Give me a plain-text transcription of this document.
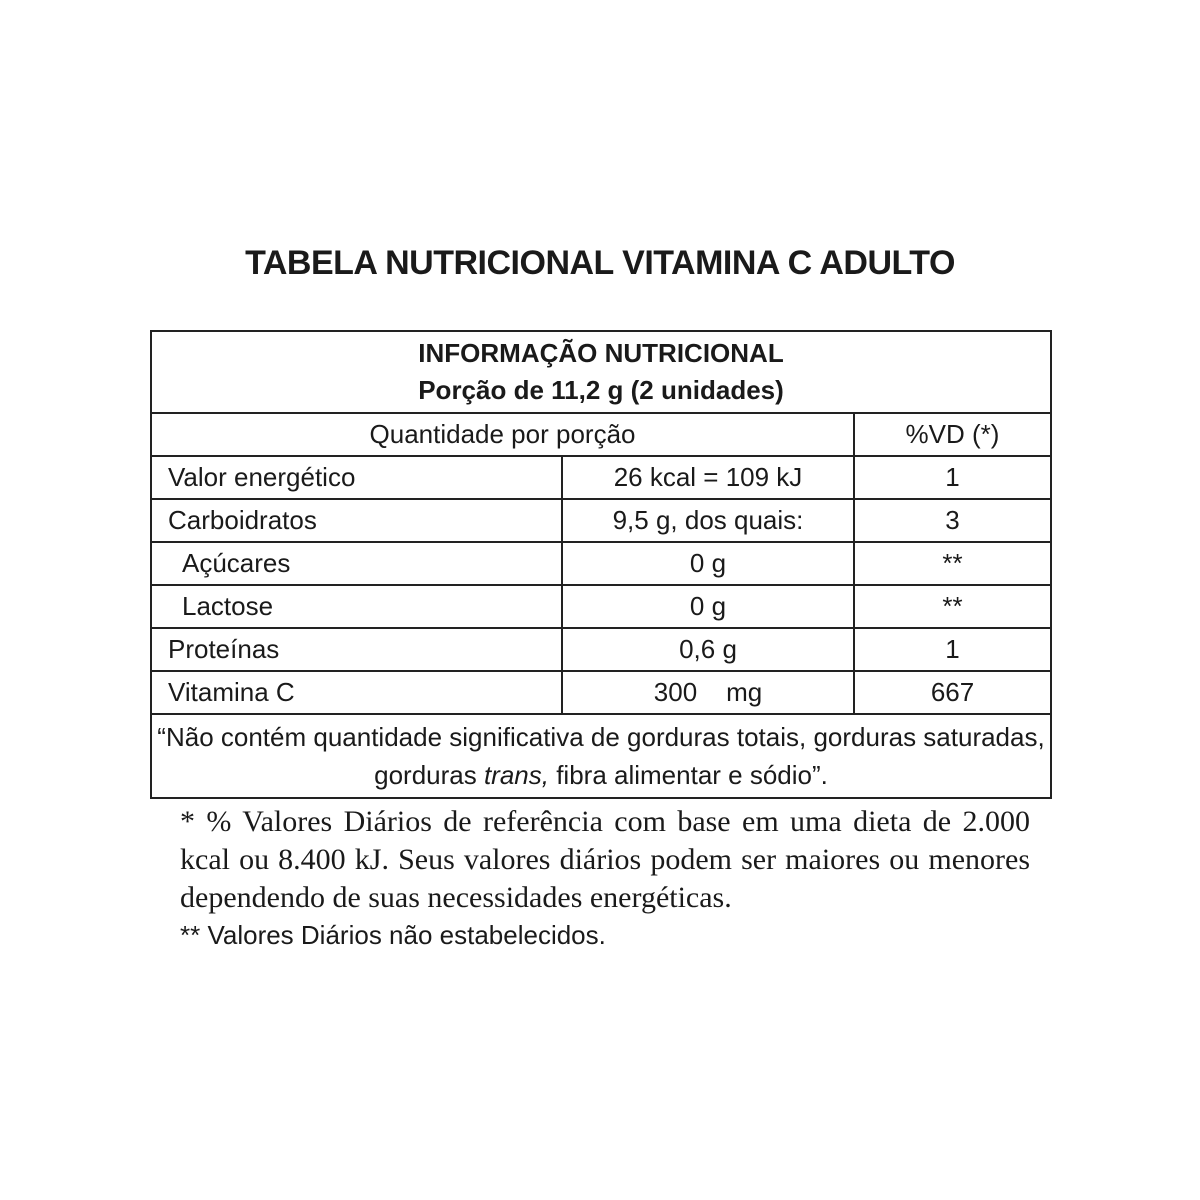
TABELA NUTRICIONAL VITAMINA C ADULTO
INFORMAÇÃO NUTRICIONAL
Porção de 11,2 g (2 unidades)		

Quantidade por porção		%VD (*)
Valor energético	26 kcal = 109 kJ	1
Carboidratos	9,5 g, dos quais:	3
Açúcares	0 g	**
Lactose	0 g	**
Proteínas	0,6 g	1
Vitamina C	300    mg	667
“Não contém quantidade significativa de gorduras totais, gorduras saturadas, gorduras trans, fibra alimentar e sódio”.		
* % Valores Diários de referência com base em uma dieta de 2.000 kcal ou 8.400 kJ. Seus valores diários podem ser maiores ou menores dependendo de suas necessidades energéticas.
** Valores Diários não estabelecidos.
